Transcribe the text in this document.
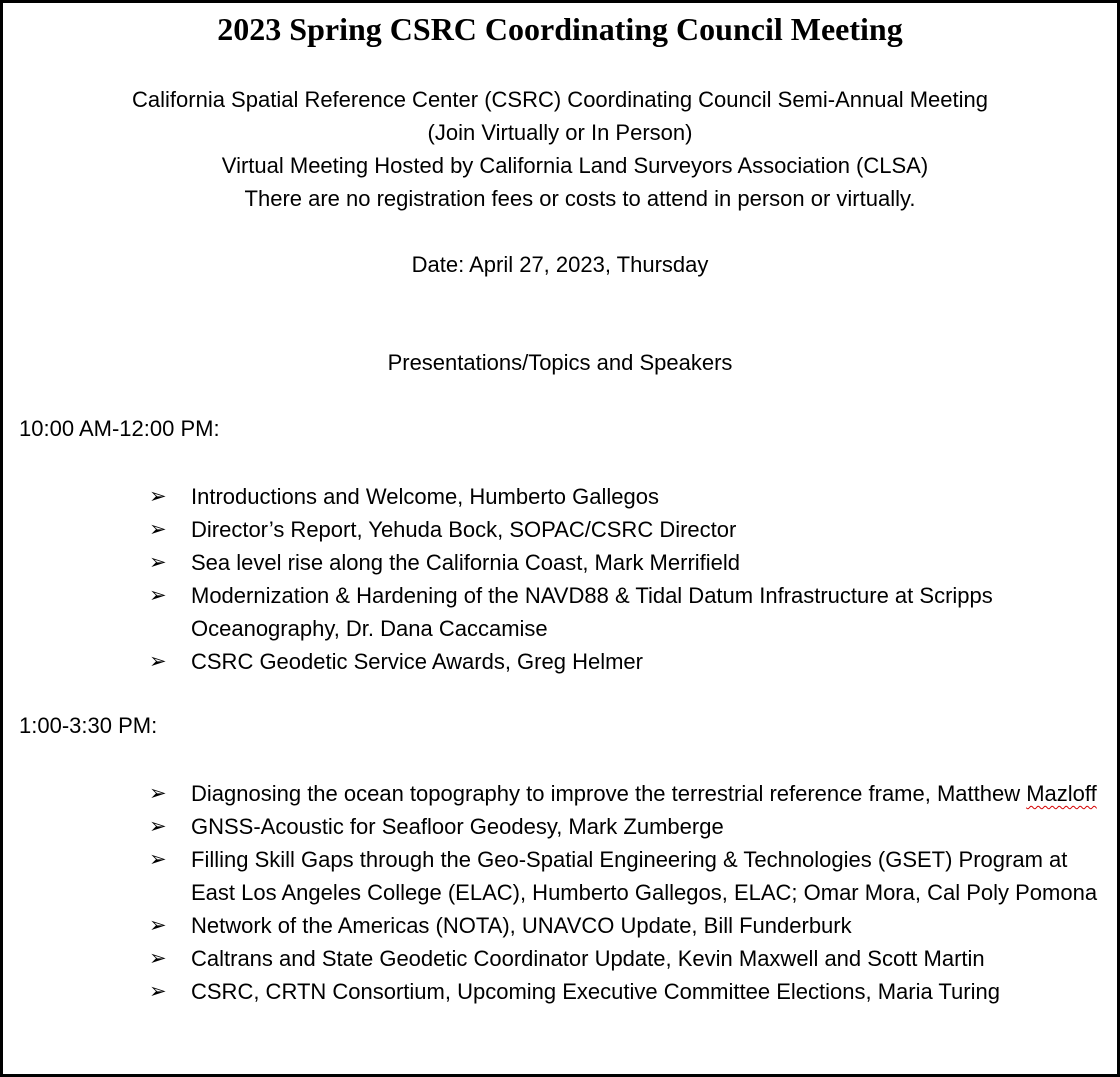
2023 Spring CSRC Coordinating Council Meeting
California Spatial Reference Center (CSRC) Coordinating Council Semi-Annual Meeting
(Join Virtually or In Person)
Virtual Meeting Hosted by California Land Surveyors Association (CLSA)
There are no registration fees or costs to attend in person or virtually.
Date: April 27, 2023, Thursday
Presentations/Topics and Speakers
10:00 AM-12:00 PM:
➢ Introductions and Welcome, Humberto Gallegos
➢ Director’s Report, Yehuda Bock, SOPAC/CSRC Director
➢ Sea level rise along the California Coast, Mark Merrifield
➢ Modernization & Hardening of the NAVD88 & Tidal Datum Infrastructure at Scripps Oceanography, Dr. Dana Caccamise
➢ CSRC Geodetic Service Awards, Greg Helmer
1:00-3:30 PM:
➢ Diagnosing the ocean topography to improve the terrestrial reference frame, Matthew Mazloff
➢ GNSS-Acoustic for Seafloor Geodesy, Mark Zumberge
➢ Filling Skill Gaps through the Geo-Spatial Engineering & Technologies (GSET) Program at East Los Angeles College (ELAC), Humberto Gallegos, ELAC; Omar Mora, Cal Poly Pomona
➢ Network of the Americas (NOTA), UNAVCO Update, Bill Funderburk
➢ Caltrans and State Geodetic Coordinator Update, Kevin Maxwell and Scott Martin
➢ CSRC, CRTN Consortium, Upcoming Executive Committee Elections, Maria Turing
